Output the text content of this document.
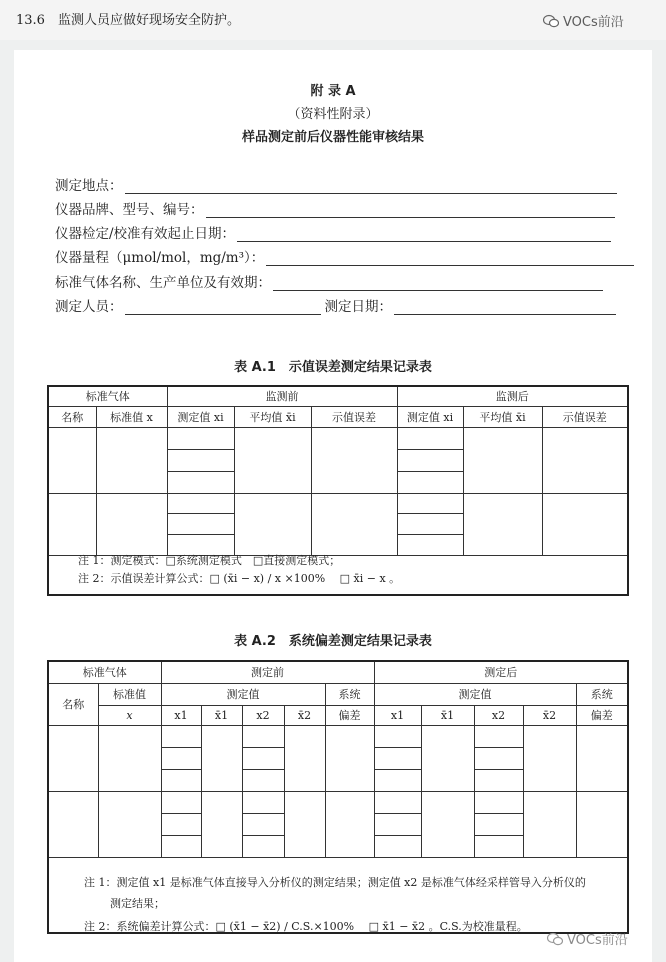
13.6　监测人员应做好现场安全防护。	VOCs前沿
附 录 A
（资料性附录）
样品测定前后仪器性能审核结果
测定地点：
仪器品牌、型号、编号：
仪器检定/校准有效起止日期：
仪器量程（μmol/mol，mg/m³）：
标准气体名称、生产单位及有效期：
测定人员：	测定日期：
表 A.1　示值误差测定结果记录表
标准气体		监测前			监测后		
名称	标准值 x	测定值 xi	平均值 x̄i	示值误差	测定值 xi	平均值 x̄i	示值误差

注 1：测定模式：□系统测定模式　□直接测定模式；
注 2：示值误差计算公式：□ (x̄i − x) / x ×100%　 □ x̄i − x 。
表 A.2　系统偏差测定结果记录表
标准气体		测定前					测定后				
名称	标准值	测定值				系统	测定值				系统
	x	x1	x̄1	x2	x̄2	偏差	x1	x̄1	x2	x̄2	偏差

注 1：测定值 x1 是标准气体直接导入分析仪的测定结果；测定值 x2 是标准气体经采样管导入分析仪的
测定结果；
注 2：系统偏差计算公式：□ (x̄1 − x̄2) / C.S.×100%　 □ x̄1 − x̄2 。C.S.为校准量程。
VOCs前沿
